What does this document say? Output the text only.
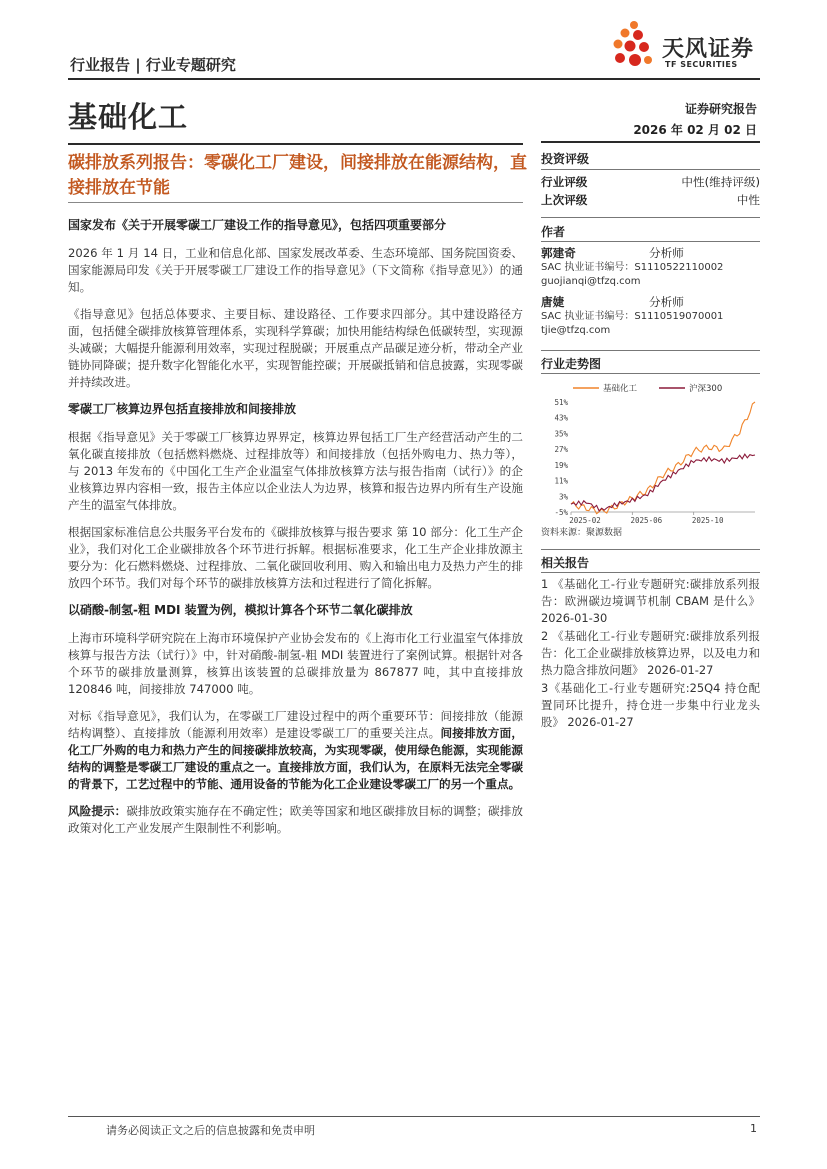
天风证券
TF SECURITIES
行业报告 | 行业专题研究
基础化工	证券研究报告
2026 年 02 月 02 日
碳排放系列报告：零碳化工厂建设，间接排放在能源结构，直接排放在节能
国家发布《关于开展零碳工厂建设工作的指导意见》，包括四项重要部分

2026 年 1 月 14 日，工业和信息化部、国家发展改革委、生态环境部、国务院国资委、国家能源局印发《关于开展零碳工厂建设工作的指导意见》（下文简称《指导意见》）的通知。

《指导意见》包括总体要求、主要目标、建设路径、工作要求四部分。其中建设路径方面，包括健全碳排放核算管理体系，实现科学算碳；加快用能结构绿色低碳转型，实现源头减碳；大幅提升能源利用效率，实现过程脱碳；开展重点产品碳足迹分析，带动全产业链协同降碳；提升数字化智能化水平，实现智能控碳；开展碳抵销和信息披露，实现零碳并持续改进。

零碳工厂核算边界包括直接排放和间接排放

根据《指导意见》关于零碳工厂核算边界界定，核算边界包括工厂生产经营活动产生的二氧化碳直接排放（包括燃料燃烧、过程排放等）和间接排放（包括外购电力、热力等），与 2013 年发布的《中国化工生产企业温室气体排放核算方法与报告指南（试行）》的企业核算边界内容相一致，报告主体应以企业法人为边界，核算和报告边界内所有生产设施产生的温室气体排放。

根据国家标准信息公共服务平台发布的《碳排放核算与报告要求 第 10 部分：化工生产企业》，我们对化工企业碳排放各个环节进行拆解。根据标准要求，化工生产企业排放源主要分为：化石燃料燃烧、过程排放、二氧化碳回收利用、购入和输出电力及热力产生的排放四个环节。我们对每个环节的碳排放核算方法和过程进行了简化拆解。

以硝酸-制氢-粗 MDI 装置为例，模拟计算各个环节二氧化碳排放

上海市环境科学研究院在上海市环境保护产业协会发布的《上海市化工行业温室气体排放核算与报告方法（试行）》中，针对硝酸-制氢-粗 MDI 装置进行了案例试算。根据针对各个环节的碳排放量测算，核算出该装置的总碳排放量为 867877 吨，其中直接排放 120846 吨，间接排放 747000 吨。

对标《指导意见》，我们认为，在零碳工厂建设过程中的两个重要环节：间接排放（能源结构调整）、直接排放（能源利用效率）是建设零碳工厂的重要关注点。间接排放方面，化工厂外购的电力和热力产生的间接碳排放较高，为实现零碳，使用绿色能源，实现能源结构的调整是零碳工厂建设的重点之一。直接排放方面，我们认为，在原料无法完全零碳的背景下，工艺过程中的节能、通用设备的节能为化工企业建设零碳工厂的另一个重点。

风险提示：碳排放政策实施存在不确定性；欧美等国家和地区碳排放目标的调整；碳排放政策对化工产业发展产生限制性不利影响。

投资评级
行业评级	中性(维持评级)
上次评级	中性
作者
郭建奇	分析师
SAC 执业证书编号：S1110522110002
guojianqi@tfzq.com
唐婕	分析师
SAC 执业证书编号：S1110519070001
tjie@tfzq.com
行业走势图
-5%
3%
11%
19%
27%
35%
43%
51%
2025-02	2025-06	2025-10
基础化工	沪深300
资料来源：聚源数据
相关报告
1 《基础化工-行业专题研究:碳排放系列报告：欧洲碳边境调节机制 CBAM 是什么》 2026-01-30
2 《基础化工-行业专题研究:碳排放系列报告：化工企业碳排放核算边界，以及电力和热力隐含排放问题》 2026-01-27
3《基础化工-行业专题研究:25Q4 持仓配置同环比提升，持仓进一步集中行业龙头股》 2026-01-27
请务必阅读正文之后的信息披露和免责申明	1
